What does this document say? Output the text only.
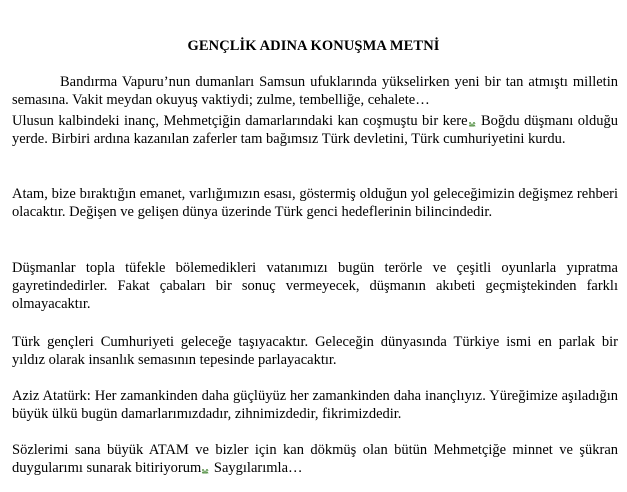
GENÇLİK ADINA KONUŞMA METNİ

Bandırma Vapuru’nun dumanları Samsun ufuklarında yükselirken yeni bir tan atmıştı milletin semasına. Vakit meydan okuyuş vaktiydi; zulme, tembelliğe, cehalete…

Ulusun kalbindeki inanç, Mehmetçiğin damarlarındaki kan coşmuştu bir kere Boğdu düşmanı olduğu yerde. Birbiri ardına kazanılan zaferler tam bağımsız Türk devletini, Türk cumhuriyetini kurdu.

Atam, bize bıraktığın emanet, varlığımızın esası, göstermiş olduğun yol geleceğimizin değişmez rehberi olacaktır. Değişen ve gelişen dünya üzerinde Türk genci hedeflerinin bilincindedir.

Düşmanlar topla tüfekle bölemedikleri vatanımızı bugün terörle ve çeşitli oyunlarla yıpratma gayretindedirler. Fakat çabaları bir sonuç vermeyecek, düşmanın akıbeti geçmiştekinden farklı olmayacaktır.

Türk gençleri Cumhuriyeti geleceğe taşıyacaktır. Geleceğin dünyasında Türkiye ismi en parlak bir yıldız olarak insanlık semasının tepesinde parlayacaktır.

Aziz Atatürk: Her zamankinden daha güçlüyüz her zamankinden daha inançlıyız. Yüreğimize aşıladığın büyük ülkü bugün damarlarımızdadır, zihnimizdedir, fikrimizdedir.

Sözlerimi sana büyük ATAM ve bizler için kan dökmüş olan bütün Mehmetçiğe minnet ve şükran duygularımı sunarak bitiriyorum Saygılarımla…
